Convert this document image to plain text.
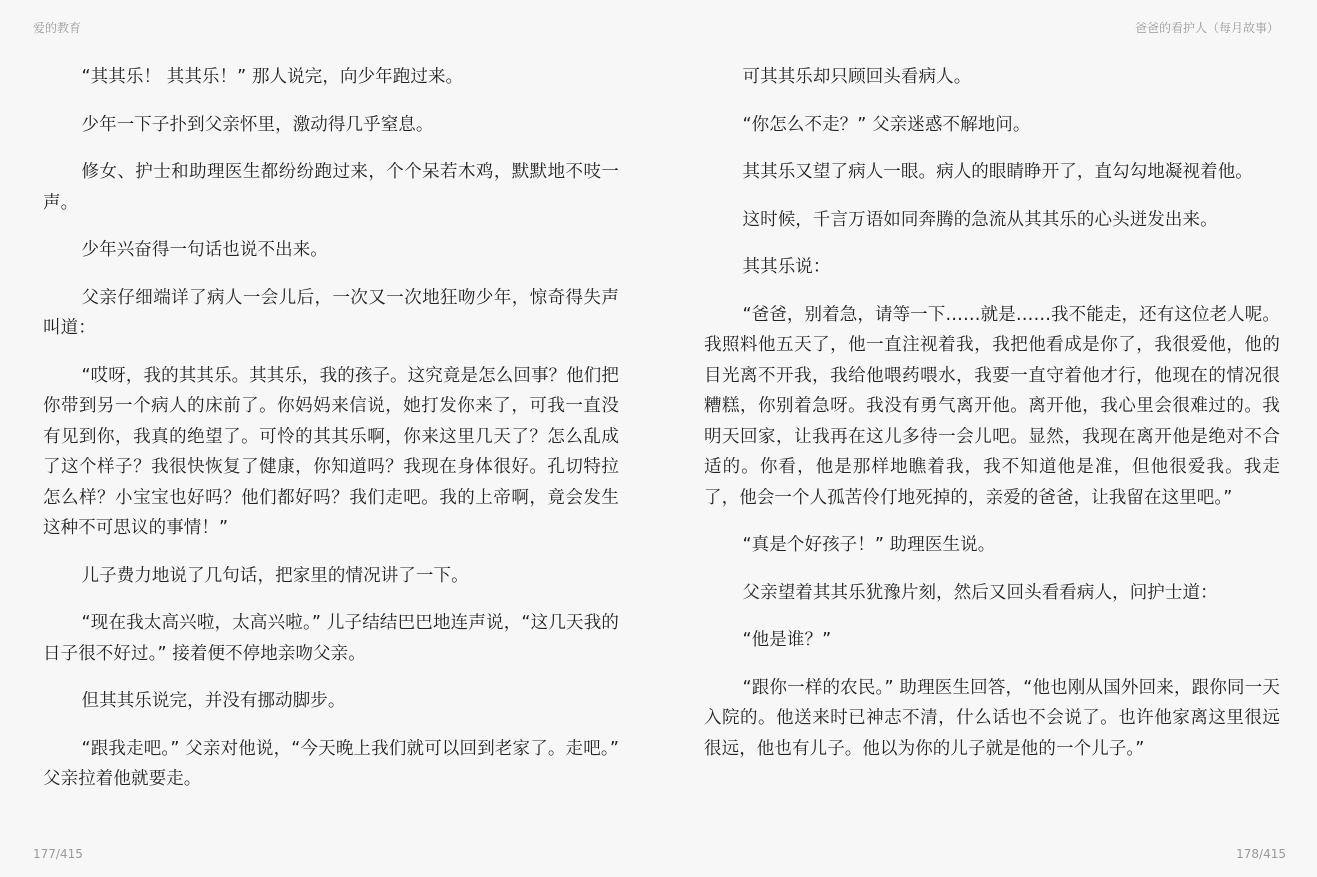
爱的教育	爸爸的看护人（每月故事）

“其其乐！ 其其乐！” 那人说完，向少年跑过来。

少年一下子扑到父亲怀里，激动得几乎窒息。

修女、护士和助理医生都纷纷跑过来，个个呆若木鸡，默默地不吱一声。

少年兴奋得一句话也说不出来。

父亲仔细端详了病人一会儿后，一次又一次地狂吻少年，惊奇得失声叫道：

“哎呀，我的其其乐。其其乐，我的孩子。这究竟是怎么回事？他们把你带到另一个病人的床前了。你妈妈来信说，她打发你来了，可我一直没有见到你，我真的绝望了。可怜的其其乐啊，你来这里几天了？怎么乱成了这个样子？我很快恢复了健康，你知道吗？我现在身体很好。孔切特拉怎么样？小宝宝也好吗？他们都好吗？我们走吧。我的上帝啊，竟会发生这种不可思议的事情！”

儿子费力地说了几句话，把家里的情况讲了一下。

“现在我太高兴啦，太高兴啦。” 儿子结结巴巴地连声说，“这几天我的日子很不好过。” 接着便不停地亲吻父亲。

但其其乐说完，并没有挪动脚步。

“跟我走吧。” 父亲对他说，“今天晚上我们就可以回到老家了。走吧。” 父亲拉着他就要走。

可其其乐却只顾回头看病人。

“你怎么不走？” 父亲迷惑不解地问。

其其乐又望了病人一眼。病人的眼睛睁开了，直勾勾地凝视着他。

这时候，千言万语如同奔腾的急流从其其乐的心头迸发出来。

其其乐说：

“爸爸，别着急，请等一下……就是……我不能走，还有这位老人呢。我照料他五天了，他一直注视着我，我把他看成是你了，我很爱他，他的目光离不开我，我给他喂药喂水，我要一直守着他才行，他现在的情况很糟糕，你别着急呀。我没有勇气离开他。离开他，我心里会很难过的。我明天回家，让我再在这儿多待一会儿吧。显然，我现在离开他是绝对不合适的。你看，他是那样地瞧着我，我不知道他是准，但他很爱我。我走了，他会一个人孤苦伶仃地死掉的，亲爱的爸爸，让我留在这里吧。”

“真是个好孩子！” 助理医生说。

父亲望着其其乐犹豫片刻，然后又回头看看病人，问护士道：

“他是谁？”

“跟你一样的农民。” 助理医生回答，“他也刚从国外回来，跟你同一天入院的。他送来时已神志不清，什么话也不会说了。也许他家离这里很远很远，他也有儿子。他以为你的儿子就是他的一个儿子。”

177/415	178/415
